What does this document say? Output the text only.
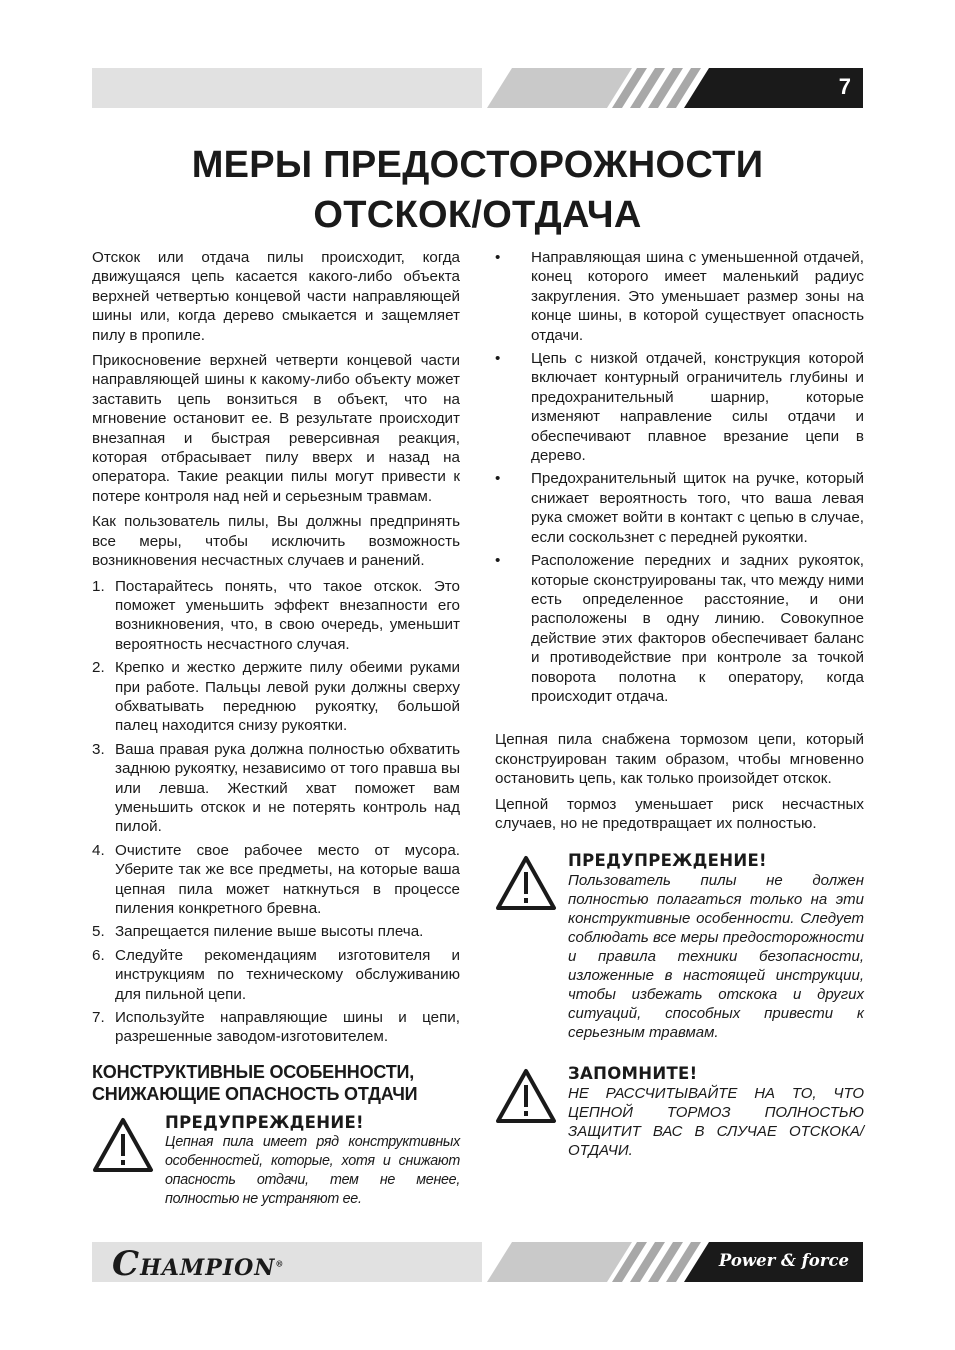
7
МЕРЫ ПРЕДОСТОРОЖНОСТИ
ОТСКОК/ОТДАЧА

Отскок или отдача пилы происходит, когда движущаяся цепь касается какого-либо объекта верхней четвертью концевой части направляющей шины или, когда дерево смыкается и защемляет пилу в пропиле.

Прикосновение верхней четверти концевой части направляющей шины к какому-либо объекту может заставить цепь вонзиться в объект, что на мгновение остановит ее. В результате происходит внезапная и быстрая реверсивная реакция, которая отбрасывает пилу вверх и назад на оператора. Такие реакции пилы могут привести к потере контроля над ней и серьезным травмам.

Как пользователь пилы, Вы должны предпринять все меры, чтобы исключить возможность возникновения несчастных случаев и ранений.

1. Постарайтесь понять, что такое отскок. Это поможет уменьшить эффект внезапности его возникновения, что, в свою очередь, уменьшит вероятность несчастного случая.
2. Крепко и жестко держите пилу обеими руками при работе. Пальцы левой руки должны сверху обхватывать переднюю рукоятку, большой палец находится снизу рукоятки.
3. Ваша правая рука должна полностью обхватить заднюю рукоятку, независимо от того правша вы или левша. Жесткий хват поможет вам уменьшить отскок и не потерять контроль над пилой.
4. Очистите свое рабочее место от мусора. Уберите так же все предметы, на которые ваша цепная пила может наткнуться в процессе пиления конкретного бревна.
5. Запрещается пиление выше высоты плеча.
6. Следуйте рекомендациям изготовителя и инструкциям по техническому обслуживанию для пильной цепи.
7. Используйте направляющие шины и цепи, разрешенные заводом-изготовителем.
КОНСТРУКТИВНЫЕ ОСОБЕННОСТИ,
СНИЖАЮЩИЕ ОПАСНОСТЬ ОТДАЧИ
ПРЕДУПРЕЖДЕНИЕ!
Цепная пила имеет ряд конструктивных особенностей, которые, хотя и снижают опасность отдачи, тем не менее, полностью не устраняют ее.
• Направляющая шина с уменьшенной отдачей, конец которого имеет маленький радиус закругления. Это уменьшает размер зоны на конце шины, в которой существует опасность отдачи.
• Цепь с низкой отдачей, конструкция которой включает контурный ограничитель глубины и предохранительный шарнир, которые изменяют направление силы отдачи и обеспечивают плавное врезание цепи в дерево.
• Предохранительный щиток на ручке, который снижает вероятность того, что ваша левая рука сможет войти в контакт с цепью в случае, если соскользнет с передней рукоятки.
• Расположение передних и задних рукояток, которые сконструированы так, что между ними есть определенное расстояние, и они расположены в одну линию. Совокупное действие этих факторов обеспечивает баланс и противодействие при контроле за точкой поворота полотна к оператору, когда происходит отдача.

Цепная пила снабжена тормозом цепи, который сконструирован таким образом, чтобы мгновенно остановить цепь, как только произойдет отскок.

Цепной тормоз уменьшает риск несчастных случаев, но не предотвращает их полностью.

ПРЕДУПРЕЖДЕНИЕ!
Пользователь пилы не должен полностью полагаться только на эти конструктивные особенности. Следует соблюдать все меры предосторожности и правила техники безопасности, изложенные в настоящей инструкции, чтобы избежать отскока и других ситуаций, способных привести к серьезным травмам.
ЗАПОМНИТЕ!
НЕ РАССЧИТЫВАЙТЕ НА ТО, ЧТО ЦЕПНОЙ ТОРМОЗ ПОЛНОСТЬЮ ЗАЩИТИТ ВАС В СЛУЧАЕ ОТСКОКА/ОТДАЧИ.
CHAMPION®	Power & force
